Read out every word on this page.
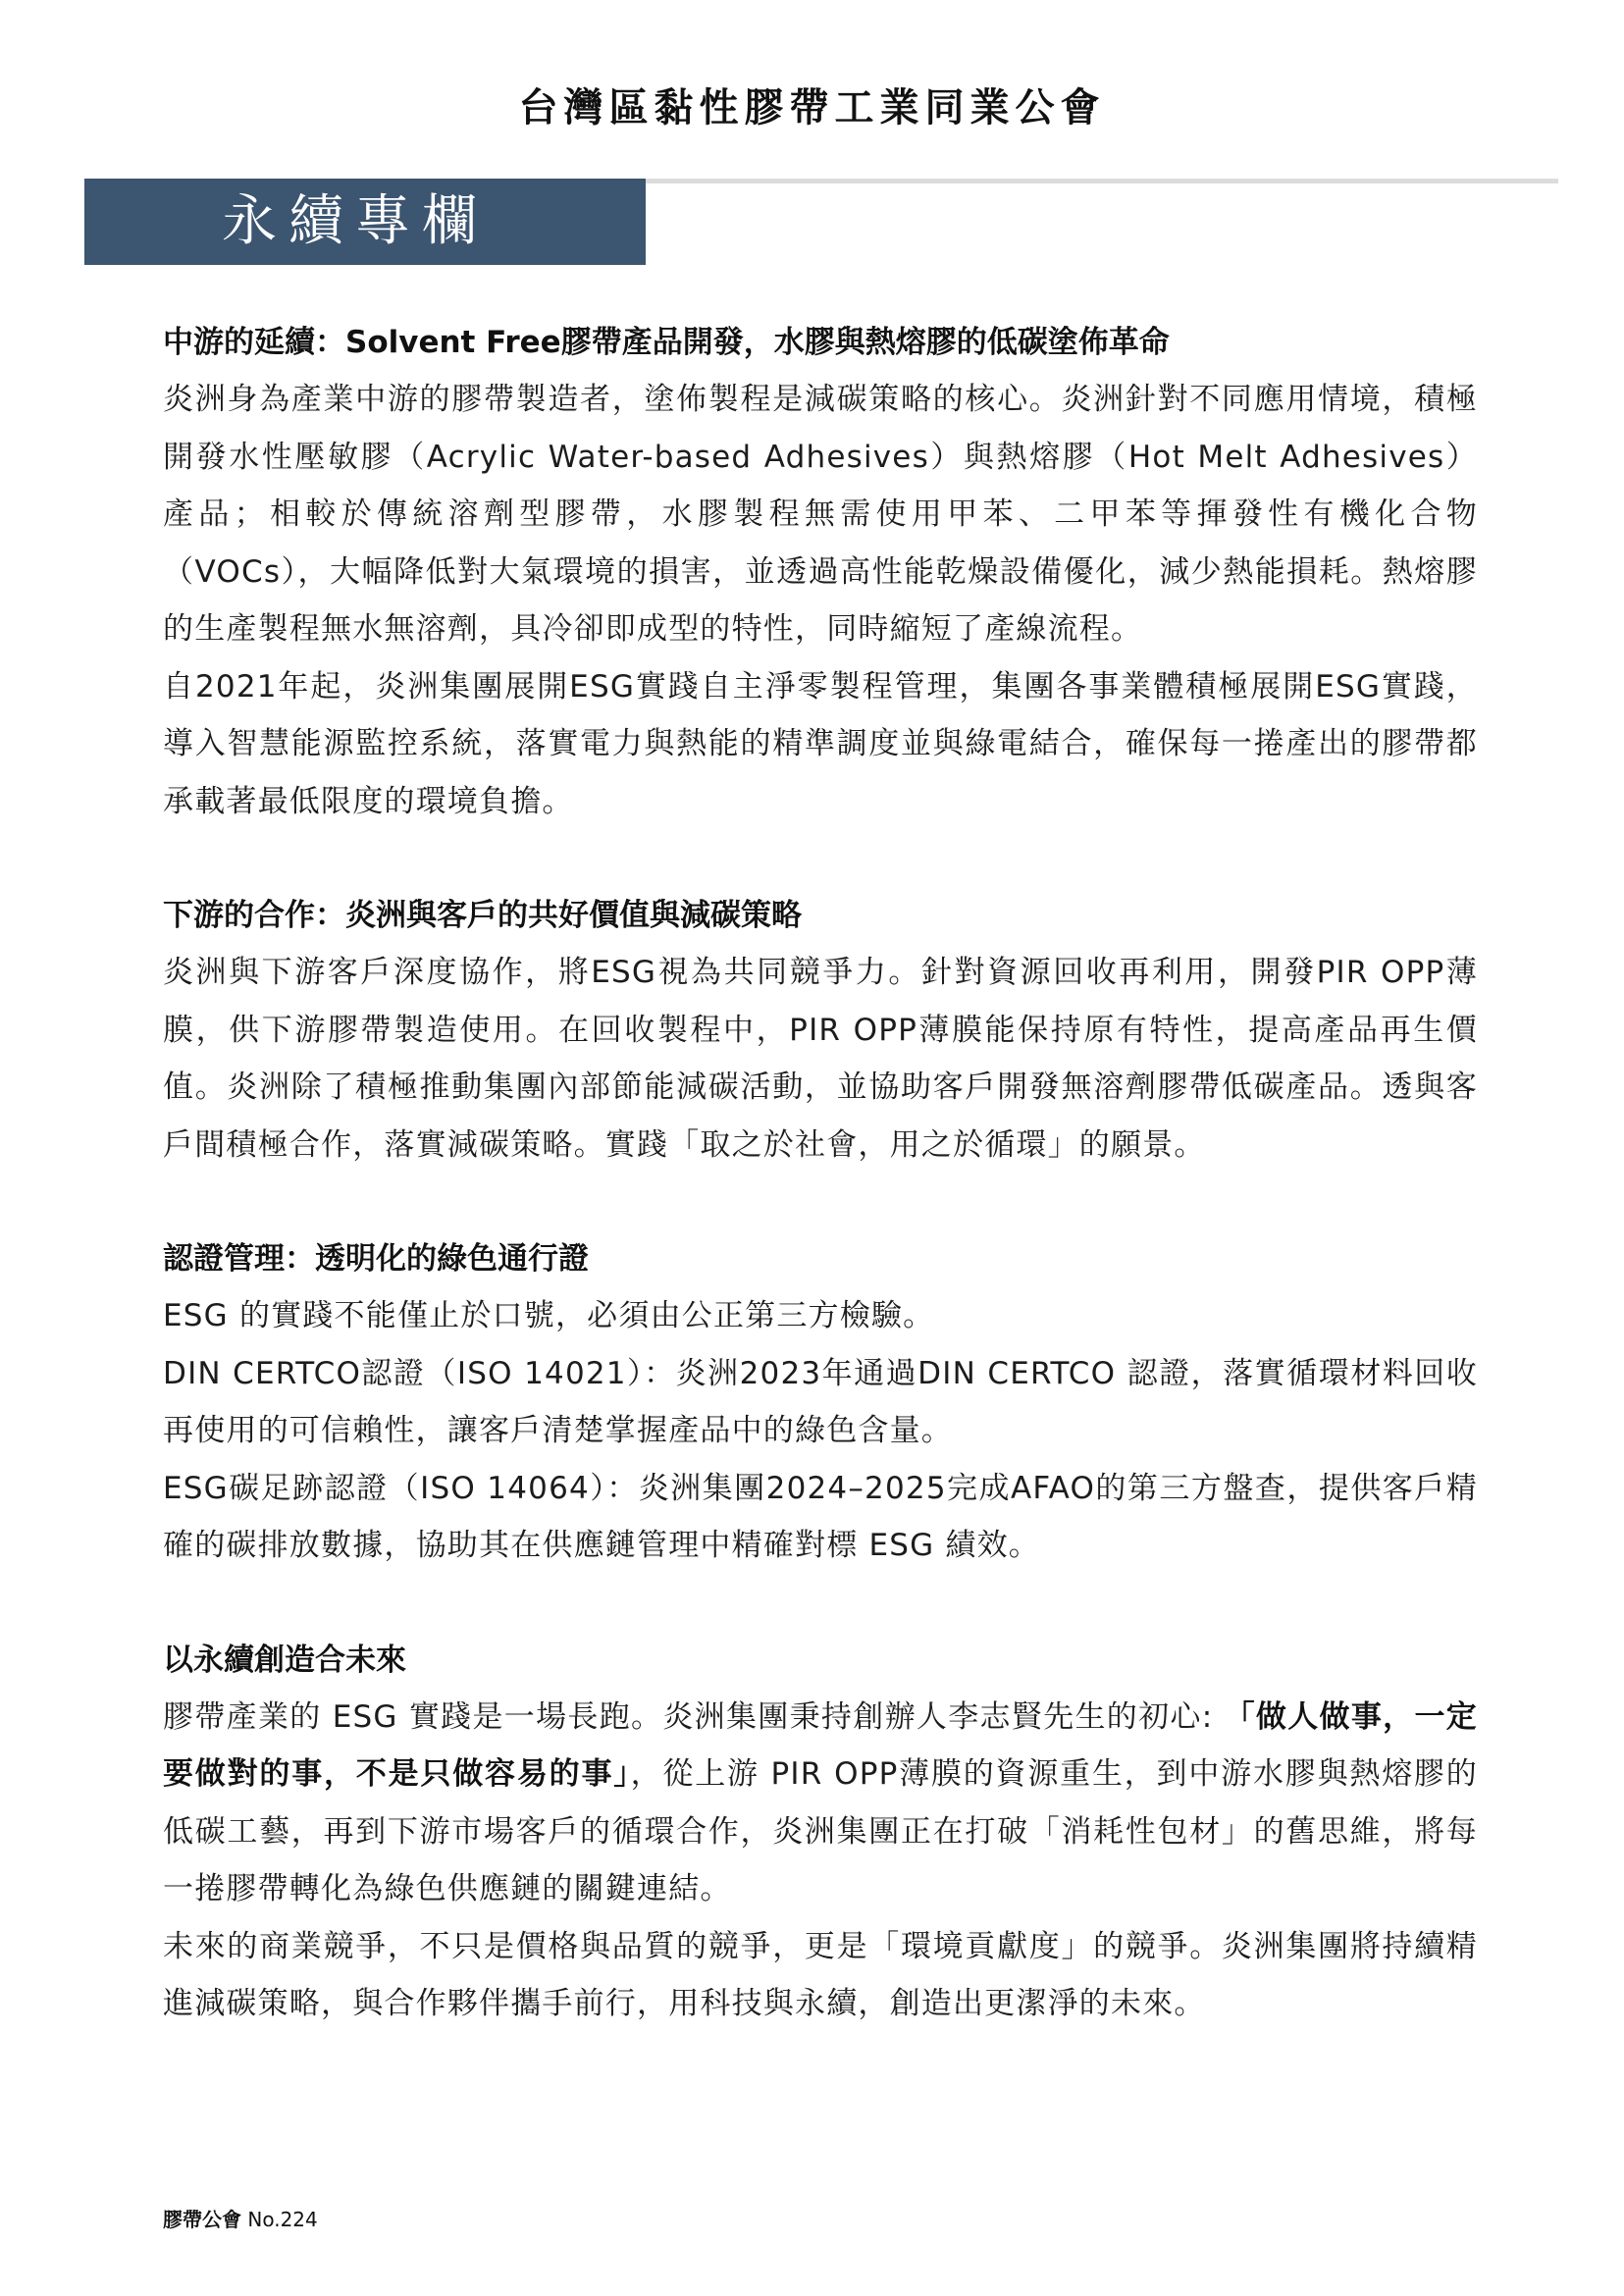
台灣區黏性膠帶工業同業公會
永續專欄
中游的延續：Solvent Free膠帶產品開發，水膠與熱熔膠的低碳塗佈革命

炎洲身為產業中游的膠帶製造者，塗佈製程是減碳策略的核心。炎洲針對不同應用情境，積極開發水性壓敏膠（Acrylic Water-based Adhesives）與熱熔膠（Hot Melt Adhesives）產品；相較於傳統溶劑型膠帶，水膠製程無需使用甲苯、二甲苯等揮發性有機化合物（VOCs），大幅降低對大氣環境的損害，並透過高性能乾燥設備優化，減少熱能損耗。熱熔膠的生產製程無水無溶劑，具冷卻即成型的特性，同時縮短了產線流程。

自2021年起，炎洲集團展開ESG實踐自主淨零製程管理，集團各事業體積極展開ESG實踐，導入智慧能源監控系統，落實電力與熱能的精準調度並與綠電結合，確保每一捲產出的膠帶都承載著最低限度的環境負擔。

下游的合作：炎洲與客戶的共好價值與減碳策略

炎洲與下游客戶深度協作，將ESG視為共同競爭力。針對資源回收再利用，開發PIR OPP薄膜，供下游膠帶製造使用。在回收製程中，PIR OPP薄膜能保持原有特性，提高產品再生價值。炎洲除了積極推動集團內部節能減碳活動，並協助客戶開發無溶劑膠帶低碳產品。透與客戶間積極合作，落實減碳策略。實踐「取之於社會，用之於循環」的願景。

認證管理：透明化的綠色通行證

ESG 的實踐不能僅止於口號，必須由公正第三方檢驗。

DIN CERTCO認證（ISO 14021）：炎洲2023年通過DIN CERTCO 認證，落實循環材料回收再使用的可信賴性，讓客戶清楚掌握產品中的綠色含量。

ESG碳足跡認證（ISO 14064）：炎洲集團2024–2025完成AFAO的第三方盤查，提供客戶精確的碳排放數據，協助其在供應鏈管理中精確對標 ESG 績效。

以永續創造合未來

膠帶產業的 ESG 實踐是一場長跑。炎洲集團秉持創辦人李志賢先生的初心: 「做人做事，一定要做對的事，不是只做容易的事」，從上游 PIR OPP薄膜的資源重生，到中游水膠與熱熔膠的低碳工藝，再到下游市場客戶的循環合作，炎洲集團正在打破「消耗性包材」的舊思維，將每一捲膠帶轉化為綠色供應鏈的關鍵連結。

未來的商業競爭，不只是價格與品質的競爭，更是「環境貢獻度」的競爭。炎洲集團將持續精進減碳策略，與合作夥伴攜手前行，用科技與永續，創造出更潔淨的未來。

膠帶公會 No.224
